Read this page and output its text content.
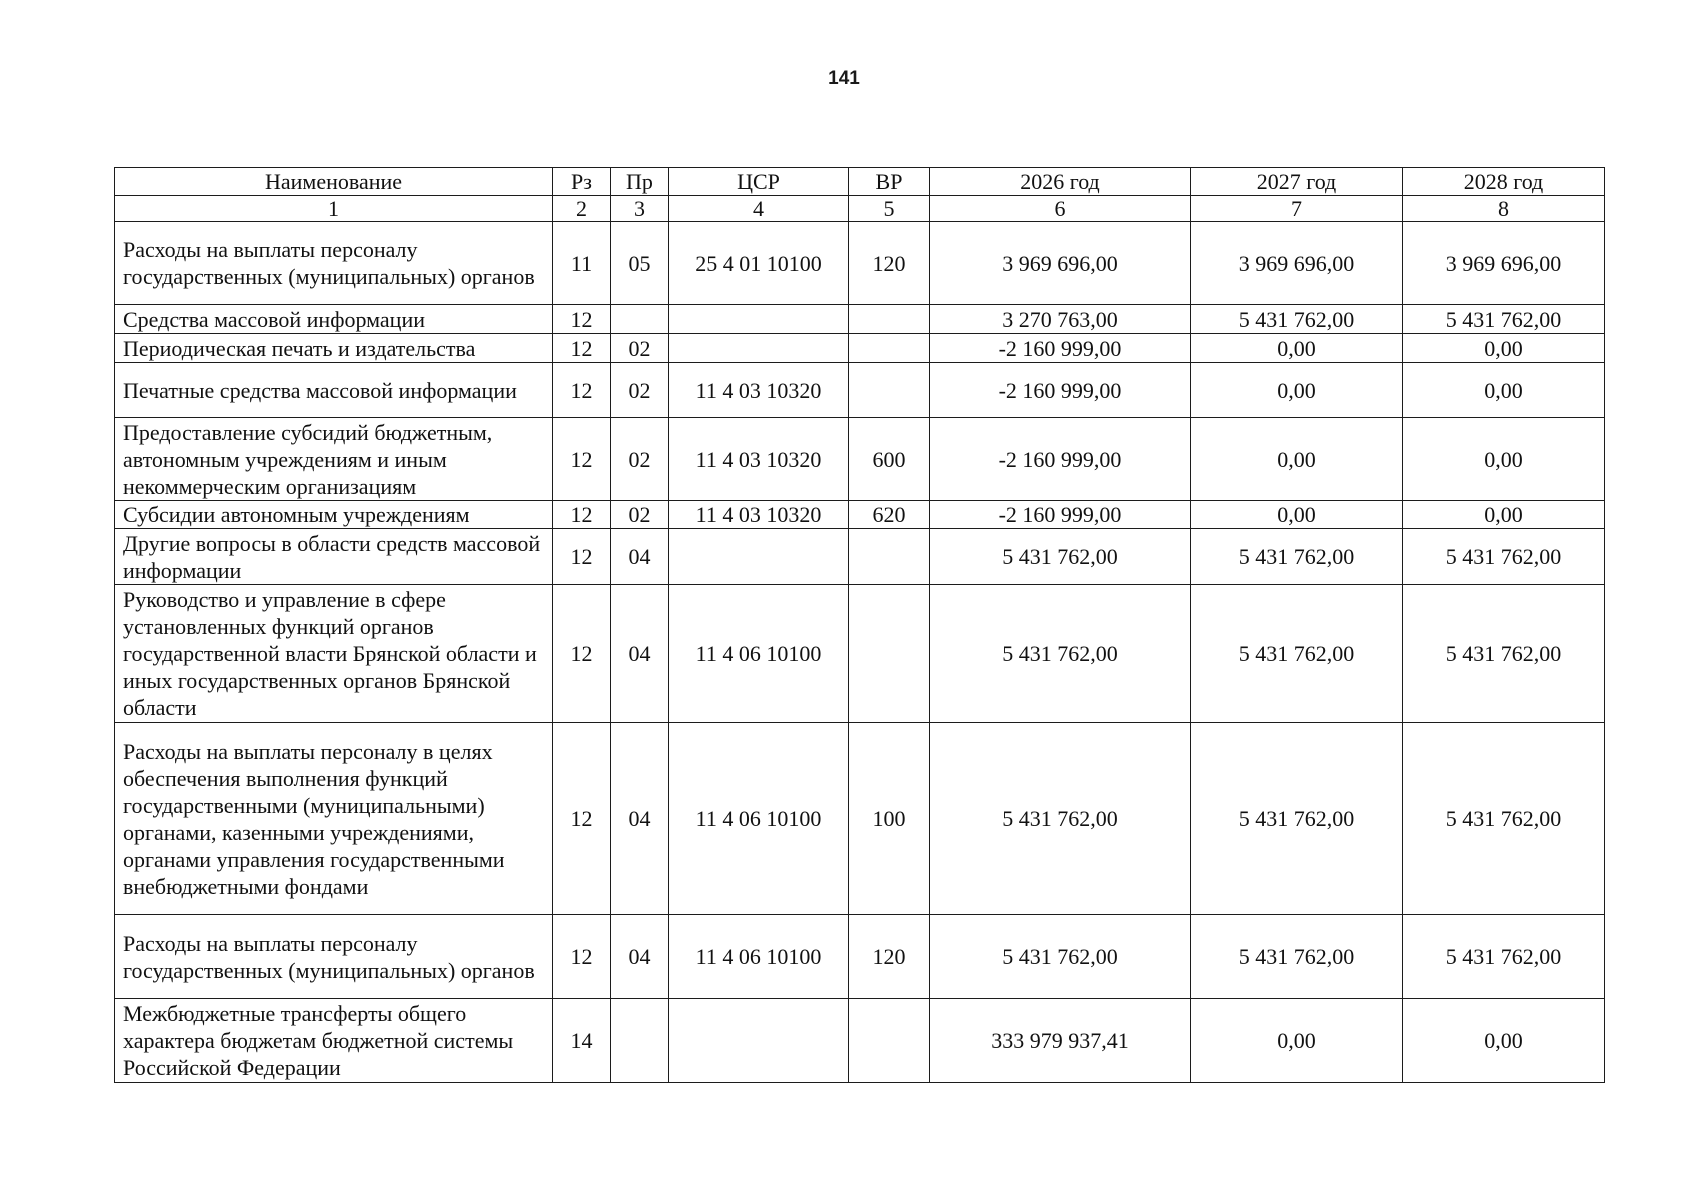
141
Наименование	Рз	Пр	ЦСР	ВР	2026 год	2027 год	2028 год
1	2	3	4	5	6	7	8
Расходы на выплаты персоналу государственных (муниципальных) органов	11	05	25 4 01 10100	120	3 969 696,00	3 969 696,00	3 969 696,00
Средства массовой информации	12				3 270 763,00	5 431 762,00	5 431 762,00
Периодическая печать и издательства	12	02			-2 160 999,00	0,00	0,00
Печатные средства массовой информации	12	02	11 4 03 10320		-2 160 999,00	0,00	0,00
Предоставление субсидий бюджетным, автономным учреждениям и иным некоммерческим организациям	12	02	11 4 03 10320	600	-2 160 999,00	0,00	0,00
Субсидии автономным учреждениям	12	02	11 4 03 10320	620	-2 160 999,00	0,00	0,00
Другие вопросы в области средств массовой информации	12	04			5 431 762,00	5 431 762,00	5 431 762,00
Руководство и управление в сфере установленных функций органов государственной власти Брянской области и иных государственных органов Брянской области	12	04	11 4 06 10100		5 431 762,00	5 431 762,00	5 431 762,00
Расходы на выплаты персоналу в целях обеспечения выполнения функций государственными (муниципальными) органами, казенными учреждениями, органами управления государственными внебюджетными фондами	12	04	11 4 06 10100	100	5 431 762,00	5 431 762,00	5 431 762,00
Расходы на выплаты персоналу государственных (муниципальных) органов	12	04	11 4 06 10100	120	5 431 762,00	5 431 762,00	5 431 762,00
Межбюджетные трансферты общего характера бюджетам бюджетной системы Российской Федерации	14				333 979 937,41	0,00	0,00
